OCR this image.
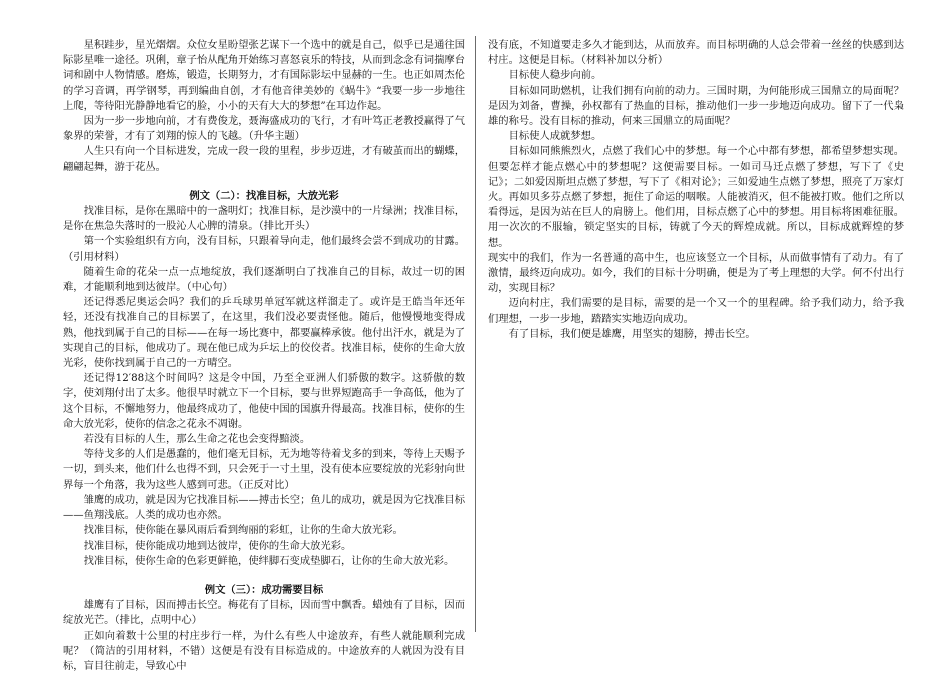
星积跬步，星光熠熠。众位女星盼望张艺谋下一个选中的就是自己，似乎已是通往国际影星唯一途径。巩俐，章子怡从配角开始练习喜怒哀乐的特技，从而到念念有词揣摩台词和剧中人物情感。磨炼，锻造，长期努力，才有国际影坛中显赫的一生。也正如周杰伦的学习音调，再学钢琴，再到编曲自创，才有他音律美妙的《蜗牛》“我要一步一步地往上爬，等待阳光静静地看它的脸，小小的天有大大的梦想”在耳边作起。

因为一步一步地向前，才有费俊龙，聂海盛成功的飞行，才有叶笃正老教授赢得了气象界的荣誉，才有了刘翔的惊人的飞越。（升华主题）

人生只有向一个目标进发，完成一段一段的里程，步步迈进，才有破茧而出的蝴蝶，翩翩起舞，游于花丛。

例文（二）：找准目标，大放光彩

找准目标，是你在黑暗中的一盏明灯；找准目标，是沙漠中的一片绿洲；找准目标，是你在焦急失落时的一股沁人心脾的清泉。（排比开头）

第一个实验组织有方向，没有目标，只跟着导向走，他们最终会尝不到成功的甘露。（引用材料）

随着生命的花朵一点一点地绽放，我们逐渐明白了找准自己的目标，故过一切的困难，才能顺利地到达彼岸。（中心句）

还记得悉尼奥运会吗？我们的乒乓球男单冠军就这样溜走了。或许是王皓当年还年轻，还没有找准自己的目标罢了，在这里，我们没必要责怪他。随后，他慢慢地变得成熟，他找到属于自己的目标——在每一场比赛中，都要赢棒承彼。他付出汗水，就是为了实现自己的目标，他成功了。现在他已成为乒坛上的佼佼者。找准目标，使你的生命大放光彩，使你找到属于自己的一方晴空。

还记得12′88这个时间吗？这是令中国，乃至全亚洲人们骄傲的数字。这骄傲的数字，使刘翔付出了太多。他很早时就立下一个目标，要与世界短跑高手一争高低，他为了这个目标，不懈地努力，他最终成功了，他使中国的国旗升得最高。找准目标，使你的生命大放光彩，使你的信念之花永不凋谢。

若没有目标的人生，那么生命之花也会变得黯淡。

等待戈多的人们是愚蠢的，他们毫无目标，无为地等待着戈多的到来，等待上天赐予一切，到头来，他们什么也得不到，只会死于一寸土里，没有使本应要绽放的光彩射向世界每一个角落，我为这些人感到可悲。（正反对比）

雏鹰的成功，就是因为它找准目标——搏击长空；鱼儿的成功，就是因为它找准目标——鱼翔浅底。人类的成功也亦然。

找准目标，使你能在暴风雨后看到绚丽的彩虹，让你的生命大放光彩。

找准目标，使你能成功地到达彼岸，使你的生命大放光彩。

找准目标，使你生命的色彩更鲜艳，使绊脚石变成垫脚石，让你的生命大放光彩。

例文（三）：成功需要目标

雄鹰有了目标，因而搏击长空。梅花有了目标，因而雪中飘香。蜡烛有了目标，因而绽放光芒。（排比，点明中心）

正如向着数十公里的村庄步行一样，为什么有些人中途放弃，有些人就能顺利完成呢？（简洁的引用材料，不错）这便是有没有目标造成的。中途放弃的人就因为没有目标，盲目往前走，导致心中

没有底，不知道要走多久才能到达，从而放弃。而目标明确的人总会带着一丝丝的快感到达村庄。这便是目标。（材料补加以分析）

目标使人稳步向前。

目标如同助燃机，让我们拥有向前的动力。三国时期，为何能形成三国鼎立的局面呢？是因为刘备，曹操，孙权都有了热血的目标，推动他们一步一步地迈向成功。留下了一代枭雄的称号。没有目标的推动，何来三国鼎立的局面呢？

目标使人成就梦想。

目标如同熊熊烈火，点燃了我们心中的梦想。每一个心中都有梦想，都希望梦想实现。但要怎样才能点燃心中的梦想呢？这便需要目标。一如司马迁点燃了梦想，写下了《史记》；二如爱因斯坦点燃了梦想，写下了《相对论》；三如爱迪生点燃了梦想，照亮了万家灯火。再如贝多芬点燃了梦想，扼住了命运的咽喉。人能被消灭，但不能被打败。他们之所以看得远，是因为站在巨人的肩膀上。他们用，目标点燃了心中的梦想。用目标将困难征服。用一次次的不服输，锁定坚实的目标，铸就了今天的辉煌成就。所以，目标成就辉煌的梦想。

现实中的我们，作为一名普通的高中生，也应该竖立一个目标，从而做事情有了动力。有了激情，最终迈向成功。如今，我们的目标十分明确，便是为了考上理想的大学。何不付出行动，实现目标？

迈向村庄，我们需要的是目标，需要的是一个又一个的里程碑。给予我们动力，给予我们理想，一步一步地，踏踏实实地迈向成功。

有了目标，我们便是雄鹰，用坚实的翅膀，搏击长空。
